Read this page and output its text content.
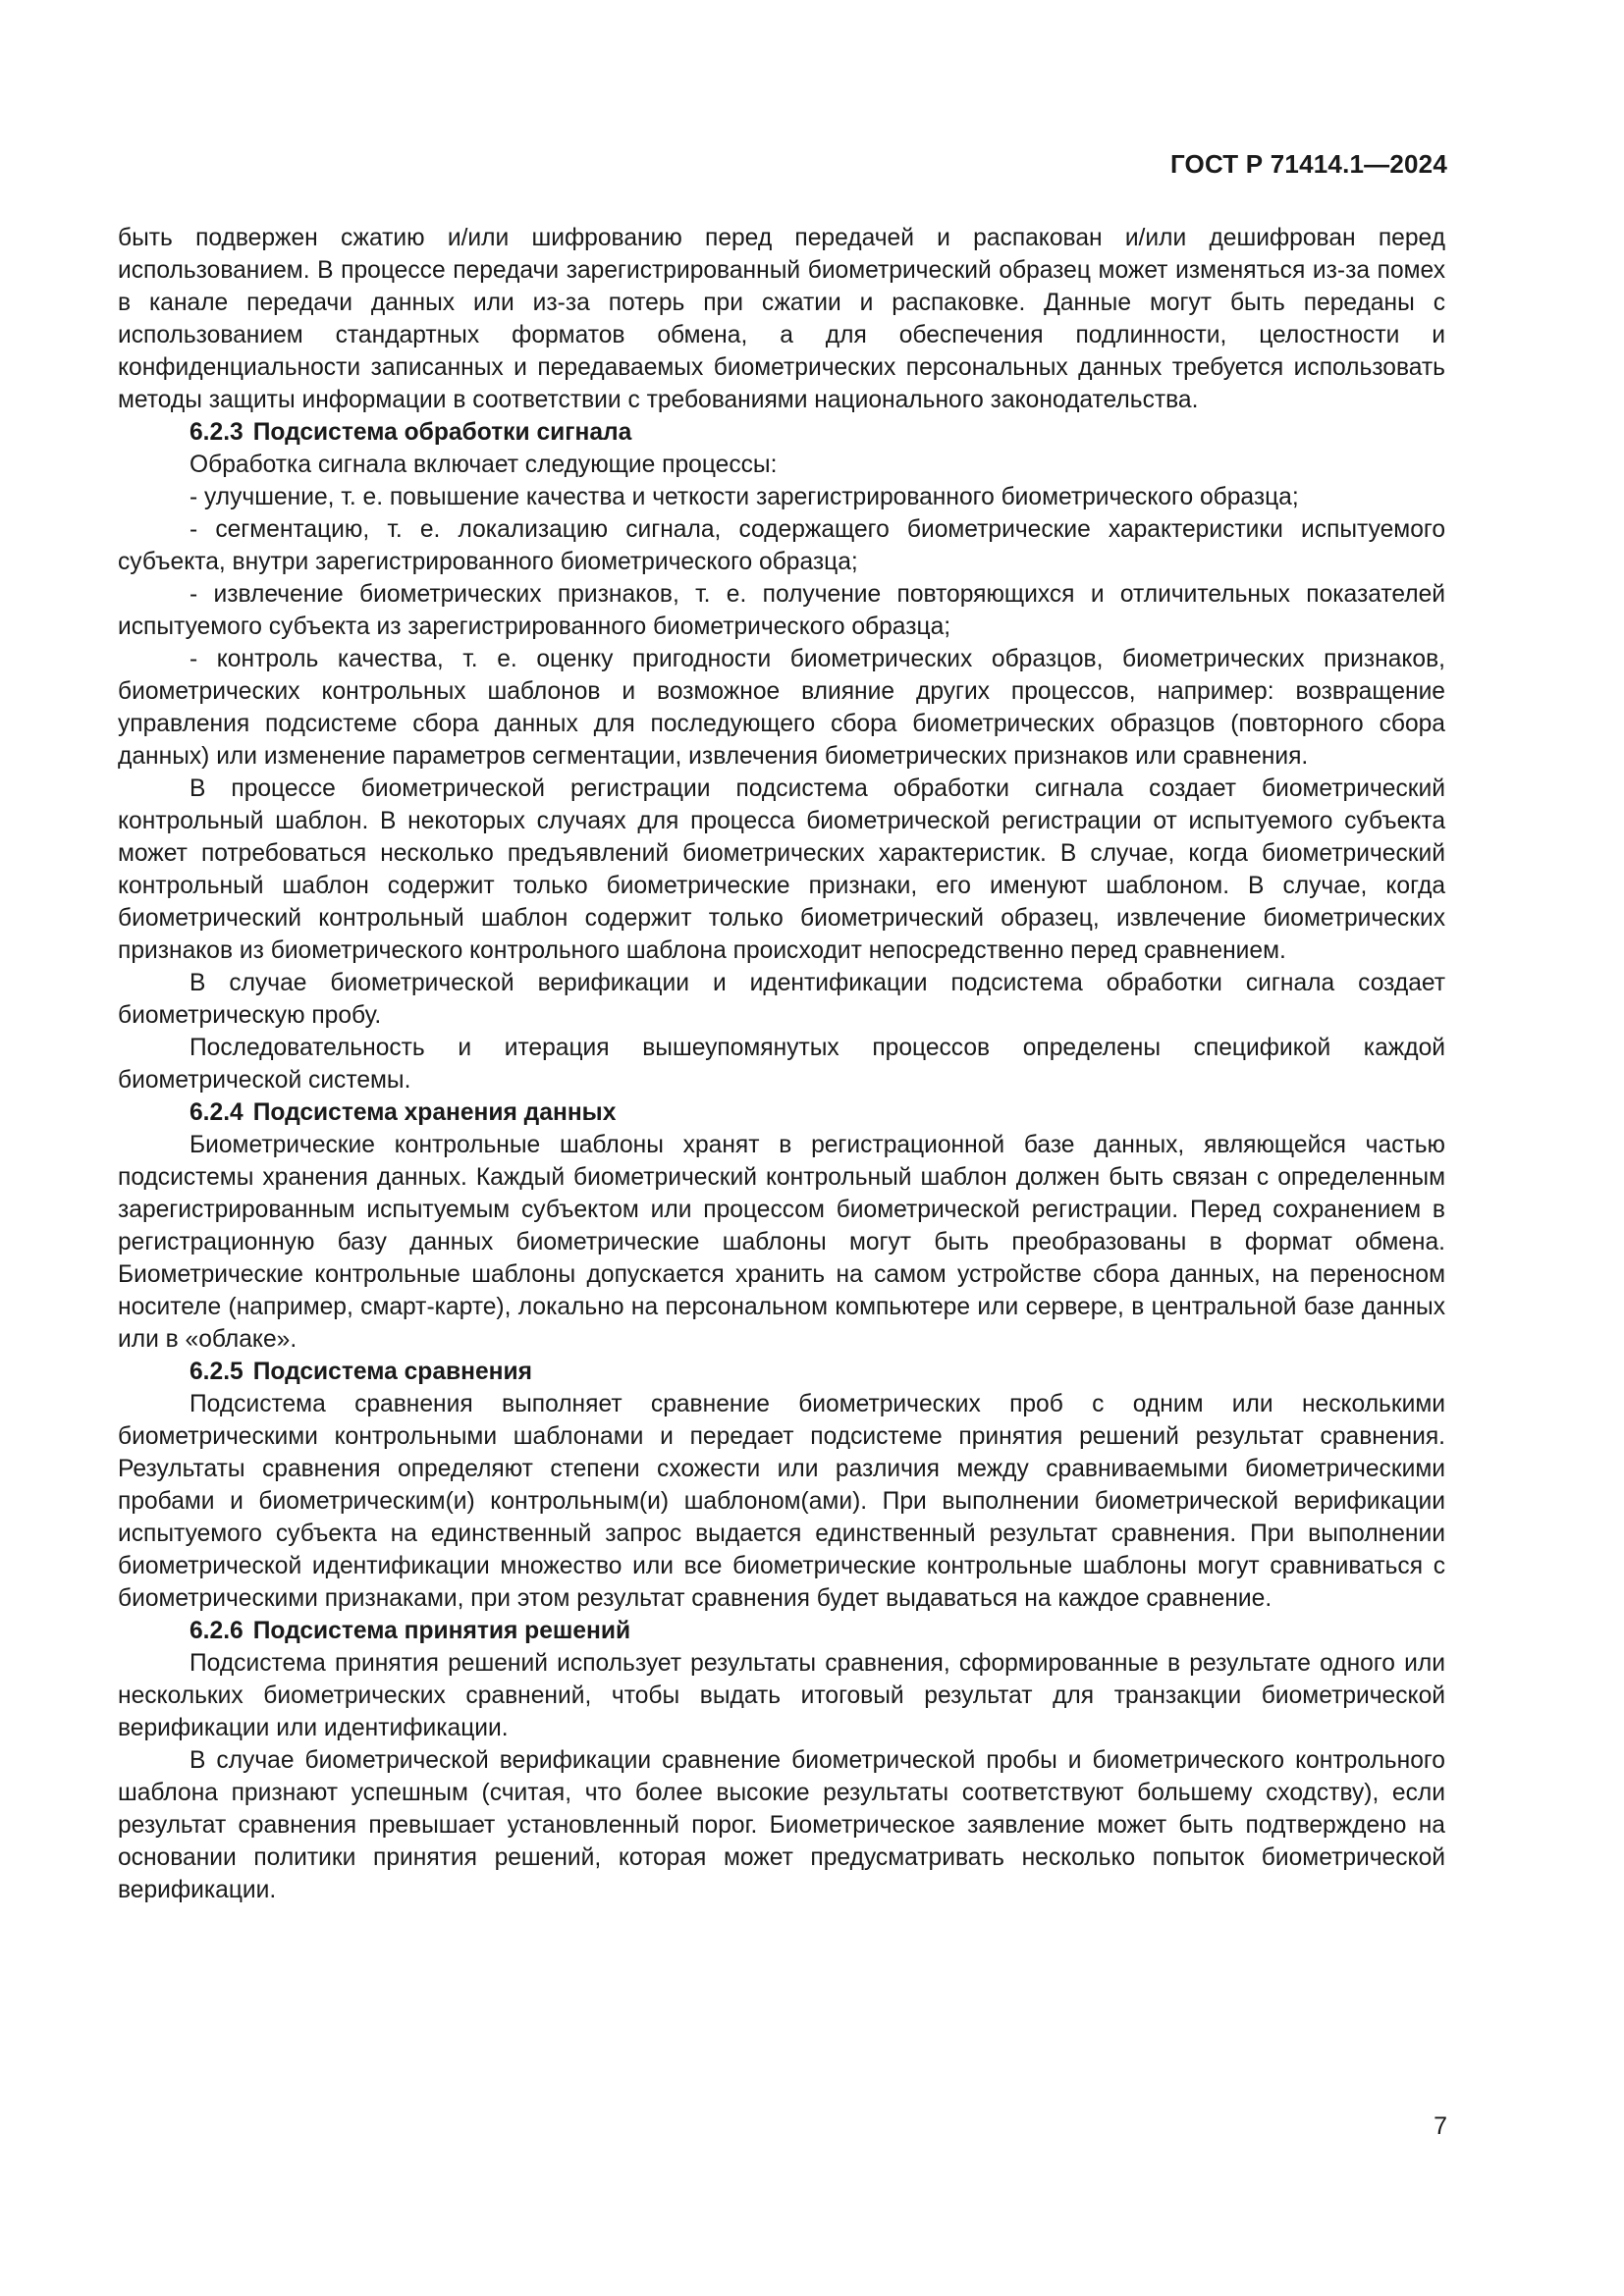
ГОСТ Р 71414.1—2024

быть подвержен сжатию и/или шифрованию перед передачей и распакован и/или дешифрован перед использованием. В процессе передачи зарегистрированный биометрический образец может изменяться из-за помех в канале передачи данных или из-за потерь при сжатии и распаковке. Данные могут быть переданы с использованием стандартных форматов обмена, а для обеспечения подлинности, целостности и конфиденциальности записанных и передаваемых биометрических персональных данных требуется использовать методы защиты информации в соответствии с требованиями национального законодательства.

6.2.3 Подсистема обработки сигнала

Обработка сигнала включает следующие процессы:

- улучшение, т. е. повышение качества и четкости зарегистрированного биометрического образца;

- сегментацию, т. е. локализацию сигнала, содержащего биометрические характеристики испытуемого субъекта, внутри зарегистрированного биометрического образца;

- извлечение биометрических признаков, т. е. получение повторяющихся и отличительных показателей испытуемого субъекта из зарегистрированного биометрического образца;

- контроль качества, т. е. оценку пригодности биометрических образцов, биометрических признаков, биометрических контрольных шаблонов и возможное влияние других процессов, например: возвращение управления подсистеме сбора данных для последующего сбора биометрических образцов (повторного сбора данных) или изменение параметров сегментации, извлечения биометрических признаков или сравнения.

В процессе биометрической регистрации подсистема обработки сигнала создает биометрический контрольный шаблон. В некоторых случаях для процесса биометрической регистрации от испытуемого субъекта может потребоваться несколько предъявлений биометрических характеристик. В случае, когда биометрический контрольный шаблон содержит только биометрические признаки, его именуют шаблоном. В случае, когда биометрический контрольный шаблон содержит только биометрический образец, извлечение биометрических признаков из биометрического контрольного шаблона происходит непосредственно перед сравнением.

В случае биометрической верификации и идентификации подсистема обработки сигнала создает биометрическую пробу.

Последовательность и итерация вышеупомянутых процессов определены спецификой каждой биометрической системы.

6.2.4 Подсистема хранения данных

Биометрические контрольные шаблоны хранят в регистрационной базе данных, являющейся частью подсистемы хранения данных. Каждый биометрический контрольный шаблон должен быть связан с определенным зарегистрированным испытуемым субъектом или процессом биометрической регистрации. Перед сохранением в регистрационную базу данных биометрические шаблоны могут быть преобразованы в формат обмена. Биометрические контрольные шаблоны допускается хранить на самом устройстве сбора данных, на переносном носителе (например, смарт-карте), локально на персональном компьютере или сервере, в центральной базе данных или в «облаке».

6.2.5 Подсистема сравнения

Подсистема сравнения выполняет сравнение биометрических проб с одним или несколькими биометрическими контрольными шаблонами и передает подсистеме принятия решений результат сравнения. Результаты сравнения определяют степени схожести или различия между сравниваемыми биометрическими пробами и биометрическим(и) контрольным(и) шаблоном(ами). При выполнении биометрической верификации испытуемого субъекта на единственный запрос выдается единственный результат сравнения. При выполнении биометрической идентификации множество или все биометрические контрольные шаблоны могут сравниваться с биометрическими признаками, при этом результат сравнения будет выдаваться на каждое сравнение.

6.2.6 Подсистема принятия решений

Подсистема принятия решений использует результаты сравнения, сформированные в результате одного или нескольких биометрических сравнений, чтобы выдать итоговый результат для транзакции биометрической верификации или идентификации.

В случае биометрической верификации сравнение биометрической пробы и биометрического контрольного шаблона признают успешным (считая, что более высокие результаты соответствуют большему сходству), если результат сравнения превышает установленный порог. Биометрическое заявление может быть подтверждено на основании политики принятия решений, которая может предусматривать несколько попыток биометрической верификации.

7
